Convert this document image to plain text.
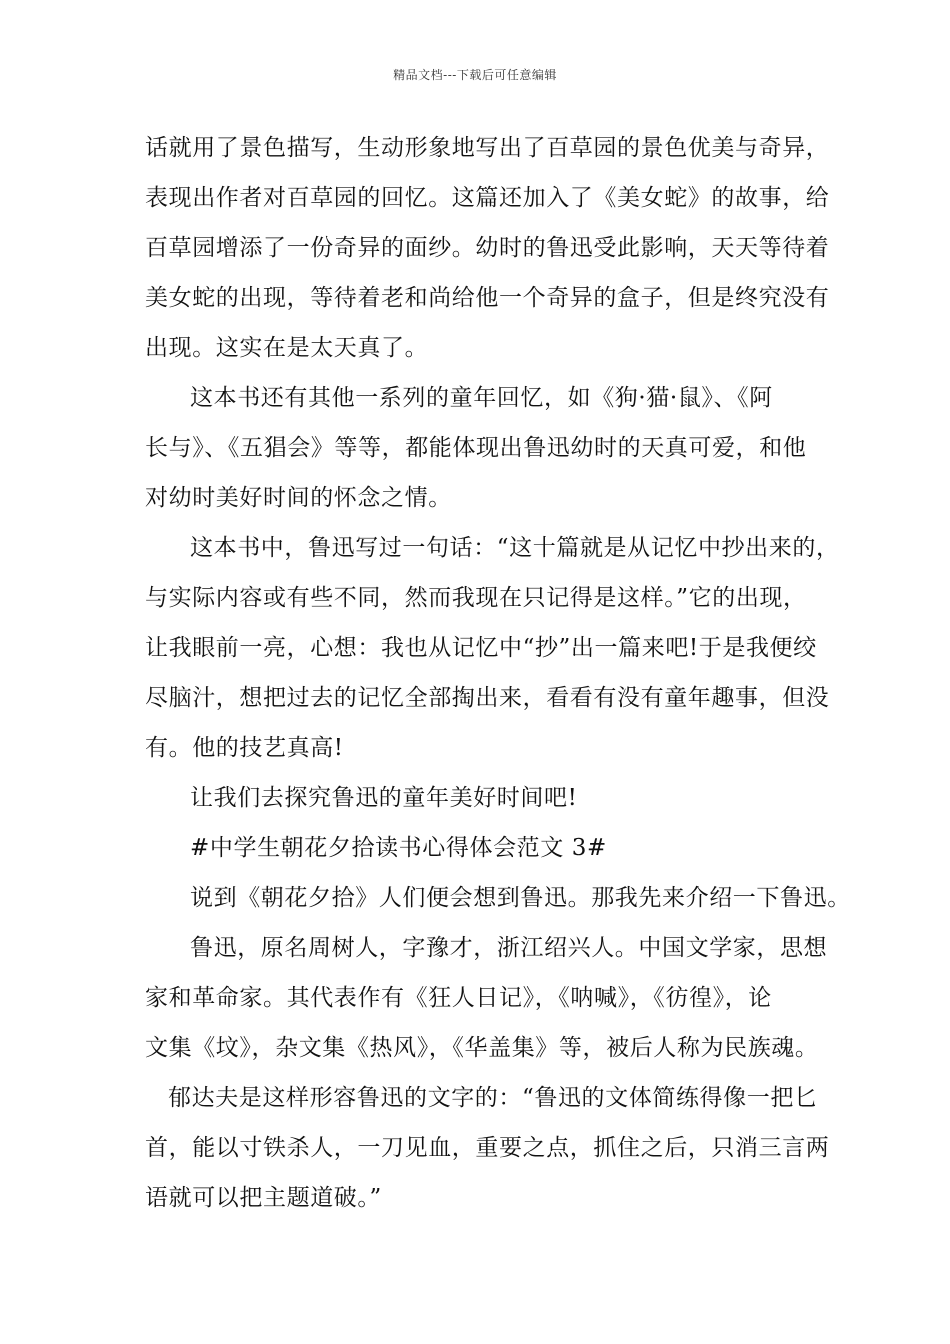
精品文档---下载后可任意编辑
话就用了景色描写，生动形象地写出了百草园的景色优美与奇异，
表现出作者对百草园的回忆。这篇还加入了《美女蛇》的故事，给
百草园增添了一份奇异的面纱。幼时的鲁迅受此影响，天天等待着
美女蛇的出现，等待着老和尚给他一个奇异的盒子，但是终究没有
出现。这实在是太天真了。
这本书还有其他一系列的童年回忆，如《狗·猫·鼠》、《阿
长与》、《五猖会》等等，都能体现出鲁迅幼时的天真可爱，和他
对幼时美好时间的怀念之情。
这本书中，鲁迅写过一句话：“这十篇就是从记忆中抄出来的，
与实际内容或有些不同，然而我现在只记得是这样。”它的出现，
让我眼前一亮，心想：我也从记忆中“抄”出一篇来吧!于是我便绞
尽脑汁，想把过去的记忆全部掏出来，看看有没有童年趣事，但没
有。他的技艺真高!
让我们去探究鲁迅的童年美好时间吧!
#中学生朝花夕拾读书心得体会范文 3#
说到《朝花夕拾》人们便会想到鲁迅。那我先来介绍一下鲁迅。
鲁迅，原名周树人，字豫才，浙江绍兴人。中国文学家，思想
家和革命家。其代表作有《狂人日记》，《呐喊》，《彷徨》，论
文集《坟》，杂文集《热风》，《华盖集》等，被后人称为民族魂。
郁达夫是这样形容鲁迅的文字的：“鲁迅的文体简练得像一把匕
首，能以寸铁杀人，一刀见血，重要之点，抓住之后，只消三言两
语就可以把主题道破。”
